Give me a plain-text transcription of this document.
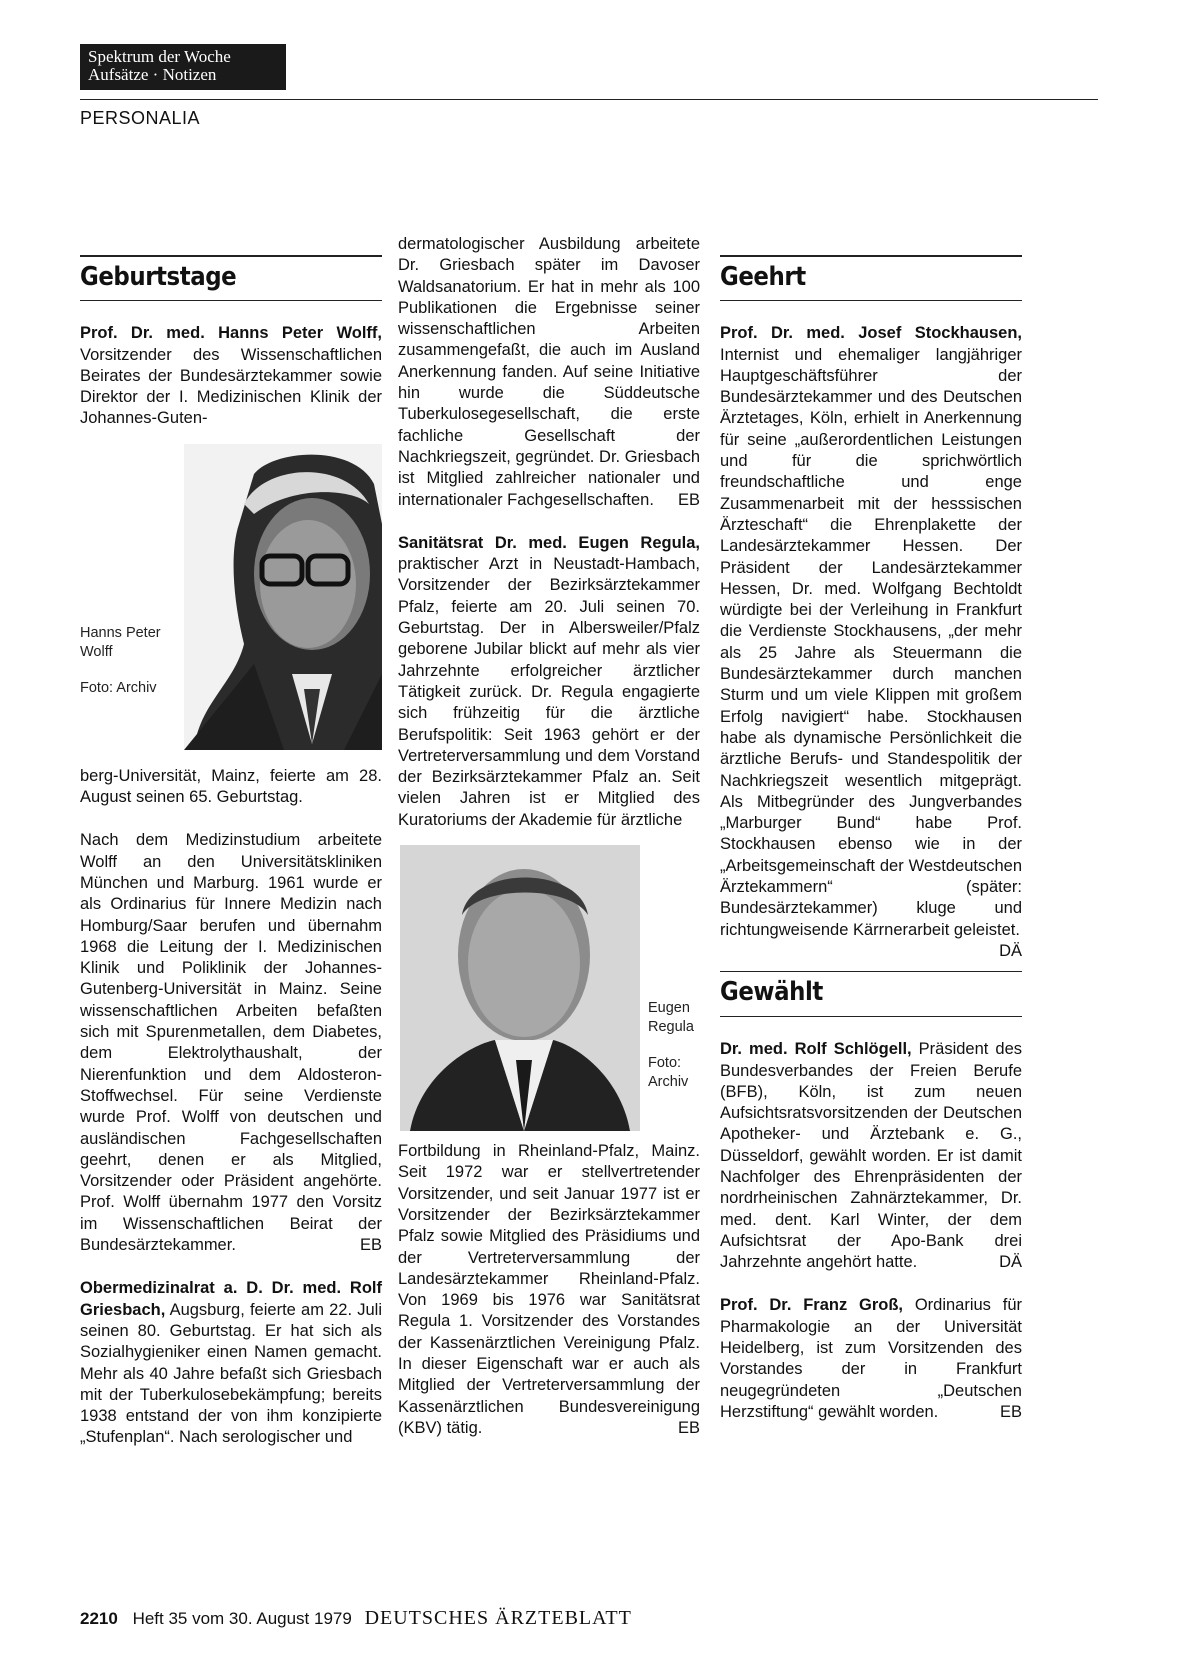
Spektrum der Woche
Aufsätze · Notizen
PERSONALIA
Geburtstage

Prof. Dr. med. Hanns Peter Wolff, Vorsitzender des Wissenschaftlichen Beirates der Bundesärztekammer sowie Direktor der I. Medizinischen Klinik der Johannes-Guten-

Hanns Peter Wolff
Foto: Archiv

berg-Universität, Mainz, feierte am 28. August seinen 65. Geburtstag.

Nach dem Medizinstudium arbeitete Wolff an den Universitätskliniken München und Marburg. 1961 wurde er als Ordinarius für Innere Medizin nach Homburg/Saar berufen und übernahm 1968 die Leitung der I. Medizinischen Klinik und Poliklinik der Johannes-Gutenberg-Universität in Mainz. Seine wissenschaftlichen Arbeiten befaßten sich mit Spurenmetallen, dem Diabetes, dem Elektrolythaushalt, der Nierenfunktion und dem Aldosteron-Stoffwechsel. Für seine Verdienste wurde Prof. Wolff von deutschen und ausländischen Fachgesellschaften geehrt, denen er als Mitglied, Vorsitzender oder Präsident angehörte. Prof. Wolff übernahm 1977 den Vorsitz im Wissenschaftlichen Beirat der Bundesärztekammer.	EB

Obermedizinalrat a. D. Dr. med. Rolf Griesbach, Augsburg, feierte am 22. Juli seinen 80. Geburtstag. Er hat sich als Sozialhygieniker einen Namen gemacht. Mehr als 40 Jahre befaßt sich Griesbach mit der Tuberkulosebekämpfung; bereits 1938 entstand der von ihm konzipierte „Stufenplan“. Nach serologischer und

dermatologischer Ausbildung arbeitete Dr. Griesbach später im Davoser Waldsanatorium. Er hat in mehr als 100 Publikationen die Ergebnisse seiner wissenschaftlichen Arbeiten zusammengefaßt, die auch im Ausland Anerkennung fanden. Auf seine Initiative hin wurde die Süddeutsche Tuberkulosegesellschaft, die erste fachliche Gesellschaft der Nachkriegszeit, gegründet. Dr. Griesbach ist Mitglied zahlreicher nationaler und internationaler Fachgesellschaften. EB

Sanitätsrat Dr. med. Eugen Regula, praktischer Arzt in Neustadt-Hambach, Vorsitzender der Bezirksärztekammer Pfalz, feierte am 20. Juli seinen 70. Geburtstag. Der in Albersweiler/Pfalz geborene Jubilar blickt auf mehr als vier Jahrzehnte erfolgreicher ärztlicher Tätigkeit zurück. Dr. Regula engagierte sich frühzeitig für die ärztliche Berufspolitik: Seit 1963 gehört er der Vertreterversammlung und dem Vorstand der Bezirksärztekammer Pfalz an. Seit vielen Jahren ist er Mitglied des Kuratoriums der Akademie für ärztliche

Eugen Regula
Foto: Archiv

Fortbildung in Rheinland-Pfalz, Mainz. Seit 1972 war er stellvertretender Vorsitzender, und seit Januar 1977 ist er Vorsitzender der Bezirksärztekammer Pfalz sowie Mitglied des Präsidiums und der Vertreterversammlung der Landesärztekammer Rheinland-Pfalz. Von 1969 bis 1976 war Sanitätsrat Regula 1. Vorsitzender des Vorstandes der Kassenärztlichen Vereinigung Pfalz. In dieser Eigenschaft war er auch als Mitglied der Vertreterversammlung der Kassenärztlichen Bundesvereinigung (KBV) tätig.	EB

Geehrt

Prof. Dr. med. Josef Stockhausen, Internist und ehemaliger langjähriger Hauptgeschäftsführer der Bundesärztekammer und des Deutschen Ärztetages, Köln, erhielt in Anerkennung für seine „außerordentlichen Leistungen und für die sprichwörtlich freundschaftliche und enge Zusammenarbeit mit der hesssischen Ärzteschaft“ die Ehrenplakette der Landesärztekammer Hessen. Der Präsident der Landesärztekammer Hessen, Dr. med. Wolfgang Bechtoldt würdigte bei der Verleihung in Frankfurt die Verdienste Stockhausens, „der mehr als 25 Jahre als Steuermann die Bundesärztekammer durch manchen Sturm und um viele Klippen mit großem Erfolg navigiert“ habe. Stockhausen habe als dynamische Persönlichkeit die ärztliche Berufs- und Standespolitik der Nachkriegszeit wesentlich mitgeprägt. Als Mitbegründer des Jungverbandes „Marburger Bund“ habe Prof. Stockhausen ebenso wie in der „Arbeitsgemeinschaft der Westdeutschen Ärztekammern“ (später: Bundesärztekammer) kluge und richtungweisende Kärrnerarbeit geleistet.
DÄ

Gewählt

Dr. med. Rolf Schlögell, Präsident des Bundesverbandes der Freien Berufe (BFB), Köln, ist zum neuen Aufsichtsratsvorsitzenden der Deutschen Apotheker- und Ärztebank e. G., Düsseldorf, gewählt worden. Er ist damit Nachfolger des Ehrenpräsidenten der nordrheinischen Zahnärztekammer, Dr. med. dent. Karl Winter, der dem Aufsichtsrat der Apo-Bank drei Jahrzehnte angehört hatte.	DÄ

Prof. Dr. Franz Groß, Ordinarius für Pharmakologie an der Universität Heidelberg, ist zum Vorsitzenden des Vorstandes der in Frankfurt neugegründeten „Deutschen Herzstiftung“ gewählt worden.	EB

2210 Heft 35 vom 30. August 1979 DEUTSCHES ÄRZTEBLATT
